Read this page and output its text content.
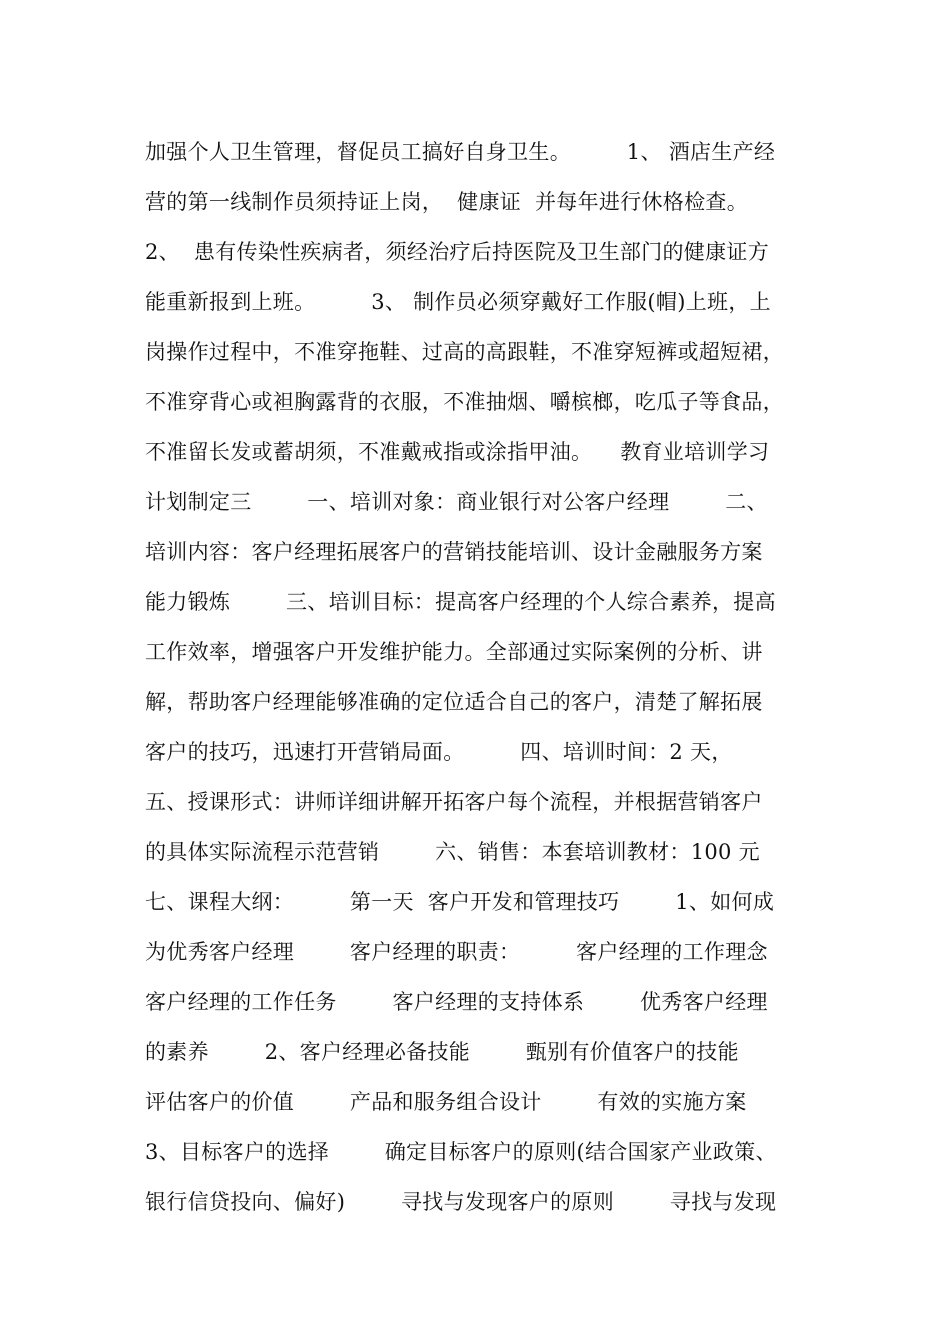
加强个人卫生管理，督促员工搞好自身卫生。        1、 酒店生产经
营的第一线制作员须持证上岗，  健康证  并每年进行休格检查。
2、  患有传染性疾病者，须经治疗后持医院及卫生部门的健康证方
能重新报到上班。        3、 制作员必须穿戴好工作服(帽)上班，上
岗操作过程中，不准穿拖鞋、过高的高跟鞋，不准穿短裤或超短裙，
不准穿背心或袒胸露背的衣服，不准抽烟、嚼槟榔，吃瓜子等食品，
不准留长发或蓄胡须，不准戴戒指或涂指甲油。    教育业培训学习
计划制定三        一、培训对象：商业银行对公客户经理        二、
培训内容：客户经理拓展客户的营销技能培训、设计金融服务方案
能力锻炼        三、培训目标：提高客户经理的个人综合素养，提高
工作效率，增强客户开发维护能力。全部通过实际案例的分析、讲
解，帮助客户经理能够准确的定位适合自己的客户，清楚了解拓展
客户的技巧，迅速打开营销局面。        四、培训时间：2 天，
五、授课形式：讲师详细讲解开拓客户每个流程，并根据营销客户
的具体实际流程示范营销        六、销售：本套培训教材：100 元
七、课程大纲：        第一天  客户开发和管理技巧        1、如何成
为优秀客户经理        客户经理的职责：        客户经理的工作理念
客户经理的工作任务        客户经理的支持体系        优秀客户经理
的素养        2、客户经理必备技能        甄别有价值客户的技能
评估客户的价值        产品和服务组合设计        有效的实施方案
3、目标客户的选择        确定目标客户的原则(结合国家产业政策、
银行信贷投向、偏好)        寻找与发现客户的原则        寻找与发现
